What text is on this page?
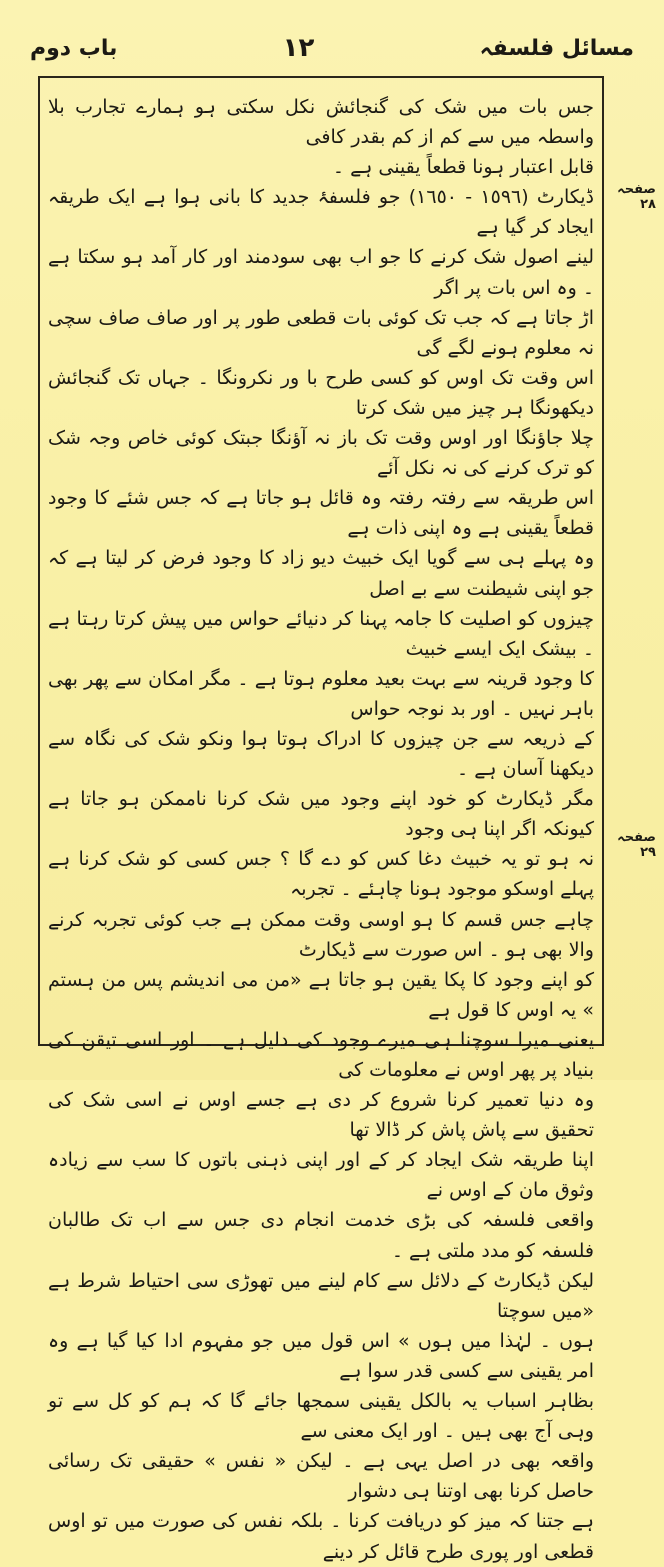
باب دوم	١٢	مسائل فلسفہ
صفحہ ٢٨
صفحہ ٢٩

جس بات میں شک کی گنجائش نکل سکتی ہو ہمارے تجارب بلا واسطہ میں سے کم از کم بقدر کافی

قابل اعتبار ہونا قطعاً یقینی ہے ۔

ڈیکارٹ (١٥٩٦ - ١٦٥٠) جو فلسفۂ جدید کا بانی ہوا ہے ایک طریقہ ایجاد کر گیا ہے

لینے اصول شک کرنے کا جو اب بھی سودمند اور کار آمد ہو سکتا ہے ۔ وہ اس بات پر اگر

اڑ جاتا ہے کہ جب تک کوئی بات قطعی طور پر اور صاف صاف سچی نہ معلوم ہونے لگے گی

اس وقت تک اوس کو کسی طرح با ور نکرونگا ۔ جہاں تک گنجائش دیکھونگا ہر چیز میں شک کرتا

چلا جاؤنگا اور اوس وقت تک باز نہ آؤنگا جبتک کوئی خاص وجہ شک کو ترک کرنے کی نہ نکل آئے

اس طریقہ سے رفتہ رفتہ وہ قائل ہو جاتا ہے کہ جس شئے کا وجود قطعاً یقینی ہے وہ اپنی ذات ہے

وہ پہلے ہی سے گویا ایک خبیث دیو زاد کا وجود فرض کر لیتا ہے کہ جو اپنی شیطنت سے بے اصل

چیزوں کو اصلیت کا جامہ پہنا کر دنیائے حواس میں پیش کرتا رہتا ہے ۔ بیشک ایک ایسے خبیث

کا وجود قرینہ سے بہت بعید معلوم ہوتا ہے ۔ مگر امکان سے پھر بھی باہر نہیں ۔ اور بد نوجہ حواس

کے ذریعہ سے جن چیزوں کا ادراک ہوتا ہوا ونکو شک کی نگاہ سے دیکھنا آسان ہے ۔

مگر ڈیکارٹ کو خود اپنے وجود میں شک کرنا ناممکن ہو جاتا ہے کیونکہ اگر اپنا ہی وجود

نہ ہو تو یہ خبیث دغا کس کو دے گا ؟ جس کسی کو شک کرنا ہے پہلے اوسکو موجود ہونا چاہئے ۔ تجربہ

چاہے جس قسم کا ہو اوسی وقت ممکن ہے جب کوئی تجربہ کرنے والا بھی ہو ۔ اس صورت سے ڈیکارٹ

کو اپنے وجود کا پکا یقین ہو جاتا ہے «من می اندیشم پس من ہستم » یہ اوس کا قول ہے

یعنی میرا سوچنا ہی میرے وجود کی دلیل ہے ۔ اور اسی تیقن کی بنیاد پر پھر اوس نے معلومات کی

وہ دنیا تعمیر کرنا شروع کر دی ہے جسے اوس نے اسی شک کی تحقیق سے پاش پاش کر ڈالا تھا

اپنا طریقہ شک ایجاد کر کے اور اپنی ذہنی باتوں کا سب سے زیادہ وثوق مان کے اوس نے

واقعی فلسفہ کی بڑی خدمت انجام دی جس سے اب تک طالبان فلسفہ کو مدد ملتی ہے ۔

لیکن ڈیکارٹ کے دلائل سے کام لینے میں تھوڑی سی احتیاط شرط ہے «میں سوچتا

ہوں ۔ لہٰذا میں ہوں » اس قول میں جو مفہوم ادا کیا گیا ہے وہ امر یقینی سے کسی قدر سوا ہے

بظاہر اسباب یہ بالکل یقینی سمجھا جائے گا کہ ہم کو کل سے تو وہی آج بھی ہیں ۔ اور ایک معنی سے

واقعہ بھی در اصل یہی ہے ۔ لیکن « نفس » حقیقی تک رسائی حاصل کرنا بھی اوتنا ہی دشوار

ہے جتنا کہ میز کو دریافت کرنا ۔ بلکہ نفس کی صورت میں تو اوس قطعی اور پوری طرح قائل کر دینے
